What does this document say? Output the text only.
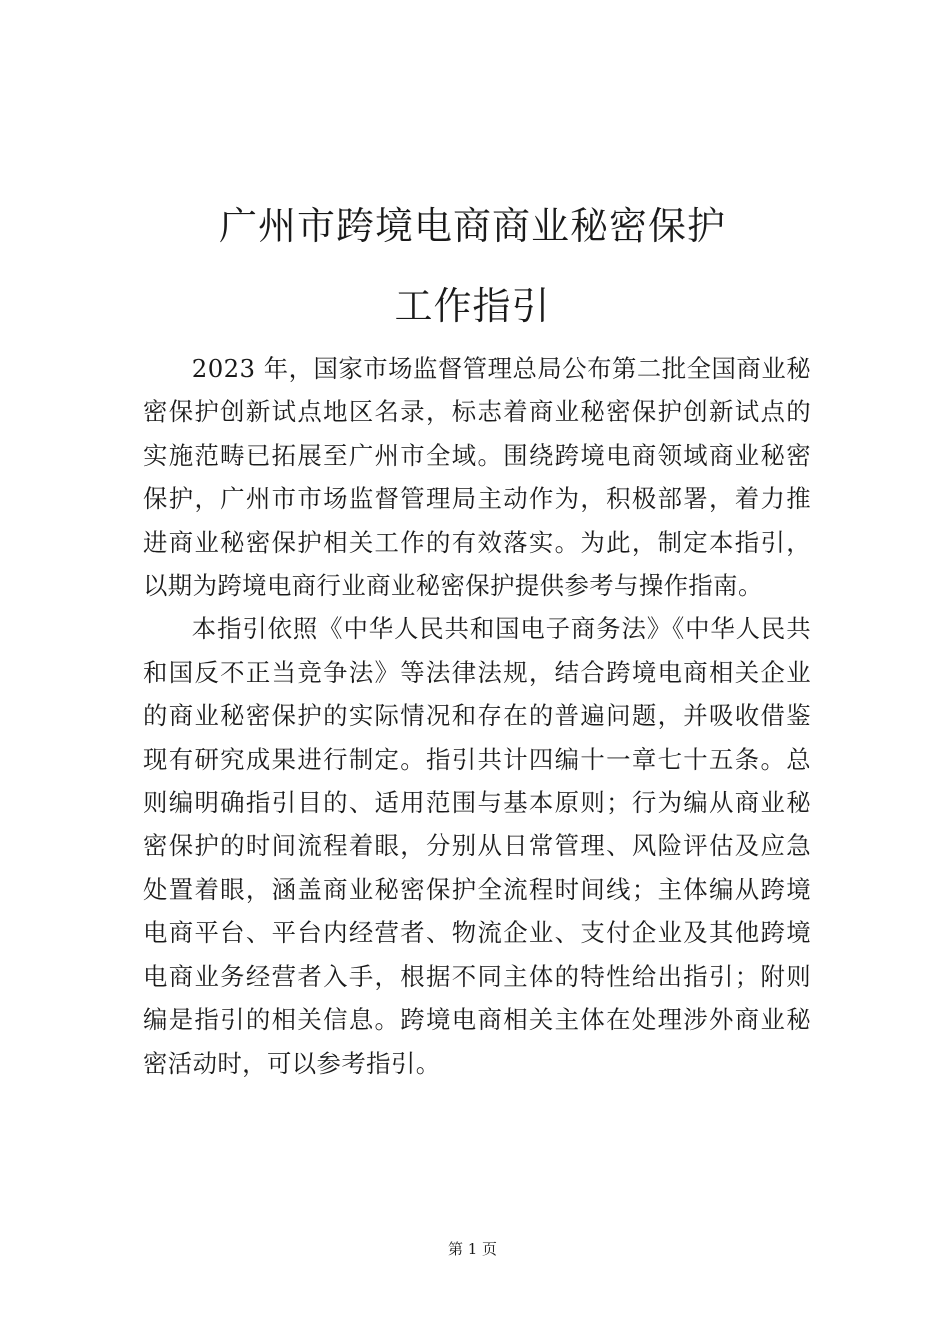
广州市跨境电商商业秘密保护
工作指引

2023 年，国家市场监督管理总局公布第二批全国商业秘密保护创新试点地区名录，标志着商业秘密保护创新试点的实施范畴已拓展至广州市全域。围绕跨境电商领域商业秘密保护，广州市市场监督管理局主动作为，积极部署，着力推进商业秘密保护相关工作的有效落实。为此，制定本指引，以期为跨境电商行业商业秘密保护提供参考与操作指南。

本指引依照《中华人民共和国电子商务法》《中华人民共和国反不正当竞争法》等法律法规，结合跨境电商相关企业的商业秘密保护的实际情况和存在的普遍问题，并吸收借鉴现有研究成果进行制定。指引共计四编十一章七十五条。总则编明确指引目的、适用范围与基本原则；行为编从商业秘密保护的时间流程着眼，分别从日常管理、风险评估及应急处置着眼，涵盖商业秘密保护全流程时间线；主体编从跨境电商平台、平台内经营者、物流企业、支付企业及其他跨境电商业务经营者入手，根据不同主体的特性给出指引；附则编是指引的相关信息。跨境电商相关主体在处理涉外商业秘密活动时，可以参考指引。

第 1 页
